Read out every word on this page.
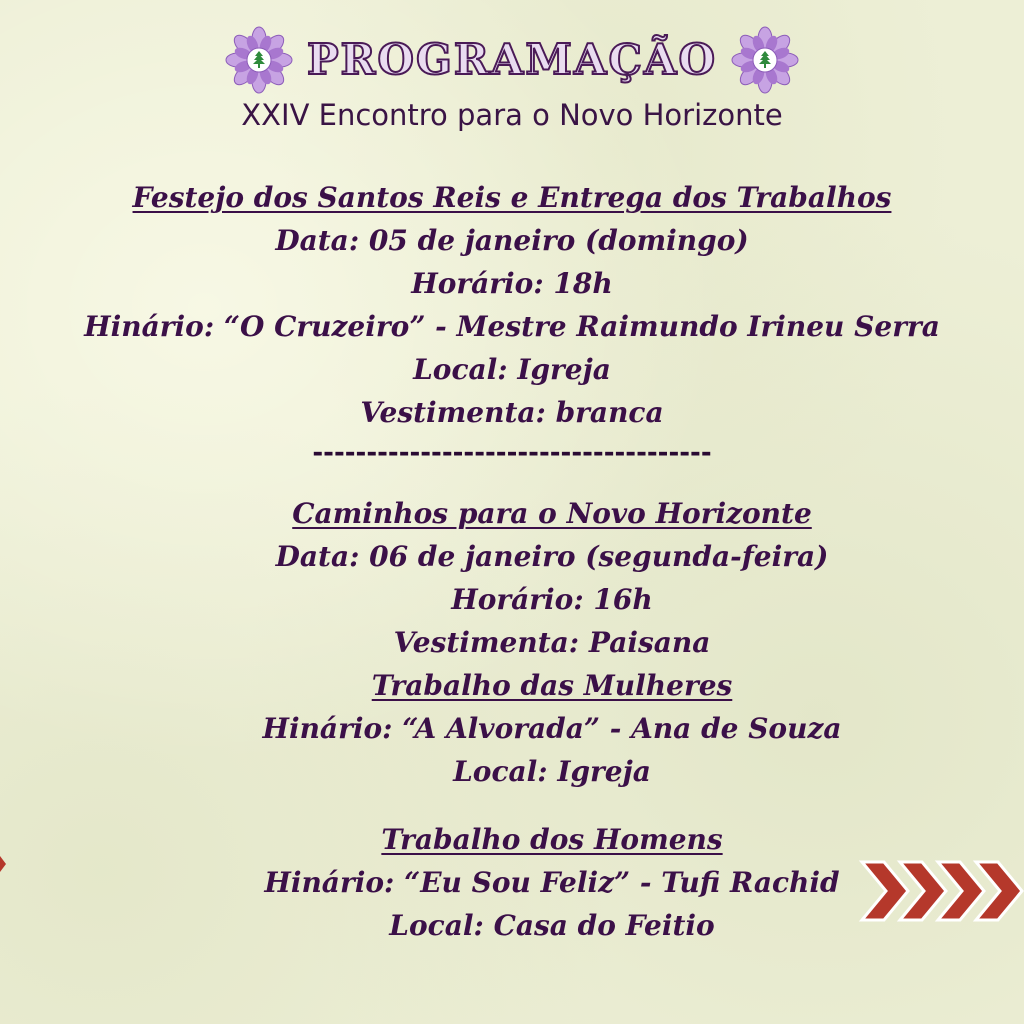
PROGRAMAÇÃO
XXIV Encontro para o Novo Horizonte
Festejo dos Santos Reis e Entrega dos Trabalhos
Data: 05 de janeiro (domingo)
Horário: 18h
Hinário: “O Cruzeiro” - Mestre Raimundo Irineu Serra
Local: Igreja
Vestimenta: branca
-------------------------------------
Caminhos para o Novo Horizonte
Data: 06 de janeiro (segunda-feira)
Horário: 16h
Vestimenta: Paisana
Trabalho das Mulheres
Hinário: “A Alvorada” - Ana de Souza
Local: Igreja
Trabalho dos Homens
Hinário: “Eu Sou Feliz” - Tufi Rachid
Local: Casa do Feitio
